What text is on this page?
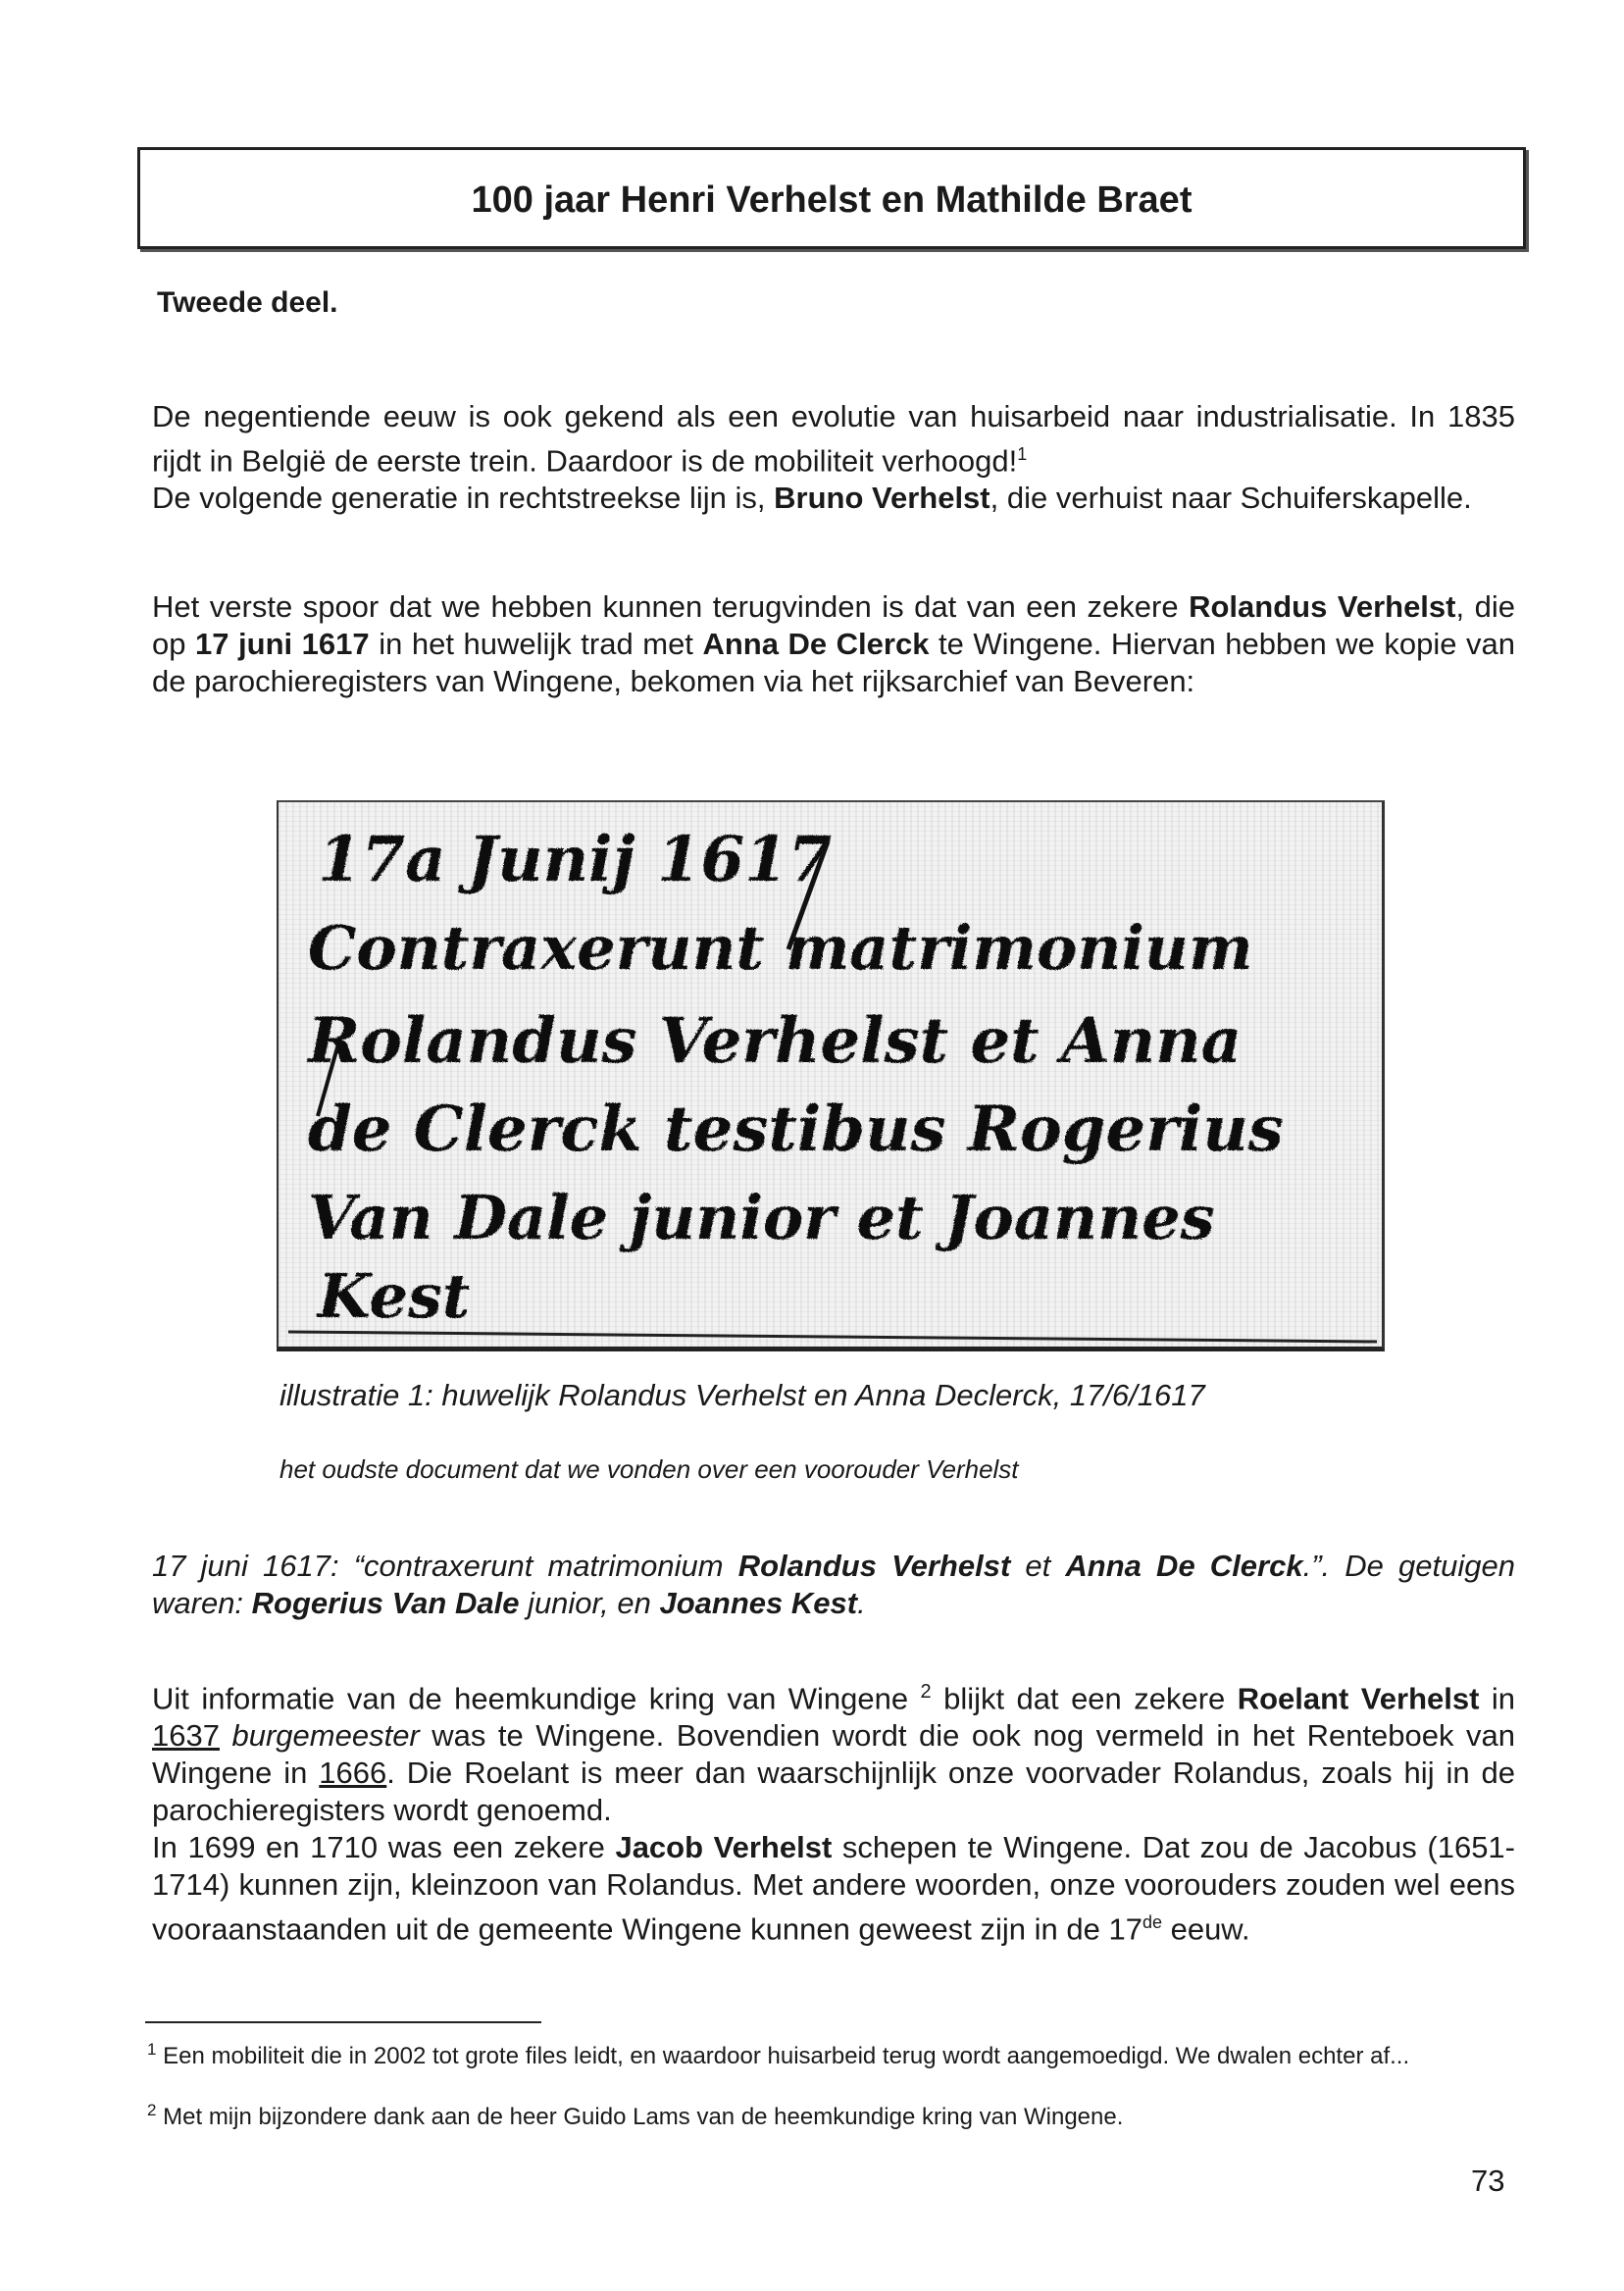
100 jaar Henri Verhelst en Mathilde Braet
Tweede deel.

De negentiende eeuw is ook gekend als een evolutie van huisarbeid naar industrialisatie. In 1835 rijdt in België de eerste trein. Daardoor is de mobiliteit verhoogd!$^1$

De volgende generatie in rechtstreekse lijn is, Bruno Verhelst, die verhuist naar Schuiferskapelle.

Het verste spoor dat we hebben kunnen terugvinden is dat van een zekere Rolandus Verhelst, die op 17 juni 1617 in het huwelijk trad met Anna De Clerck te Wingene. Hiervan hebben we kopie van de parochieregisters van Wingene, bekomen via het rijksarchief van Beveren:

17a Junij 1617
Contraxerunt matrimonium
Rolandus Verhelst et Anna
de Clerck testibus Rogerius
Van Dale junior et Joannes
Kest
illustratie 1: huwelijk Rolandus Verhelst en Anna Declerck, 17/6/1617
het oudste document dat we vonden over een voorouder Verhelst

17 juni 1617: “contraxerunt matrimonium Rolandus Verhelst et Anna De Clerck.”. De getuigen waren: Rogerius Van Dale junior, en Joannes Kest.

Uit informatie van de heemkundige kring van Wingene $^2$ blijkt dat een zekere Roelant Verhelst in 1637 burgemeester was te Wingene. Bovendien wordt die ook nog vermeld in het Renteboek van Wingene in 1666. Die Roelant is meer dan waarschijnlijk onze voorvader Rolandus, zoals hij in de parochieregisters wordt genoemd.

In 1699 en 1710 was een zekere Jacob Verhelst schepen te Wingene. Dat zou de Jacobus (1651-1714) kunnen zijn, kleinzoon van Rolandus. Met andere woorden, onze voorouders zouden wel eens vooraanstaanden uit de gemeente Wingene kunnen geweest zijn in de 17de eeuw.

$^1$ Een mobiliteit die in 2002 tot grote files leidt, en waardoor huisarbeid terug wordt aangemoedigd. We dwalen echter af...
$^2$ Met mijn bijzondere dank aan de heer Guido Lams van de heemkundige kring van Wingene.
73
